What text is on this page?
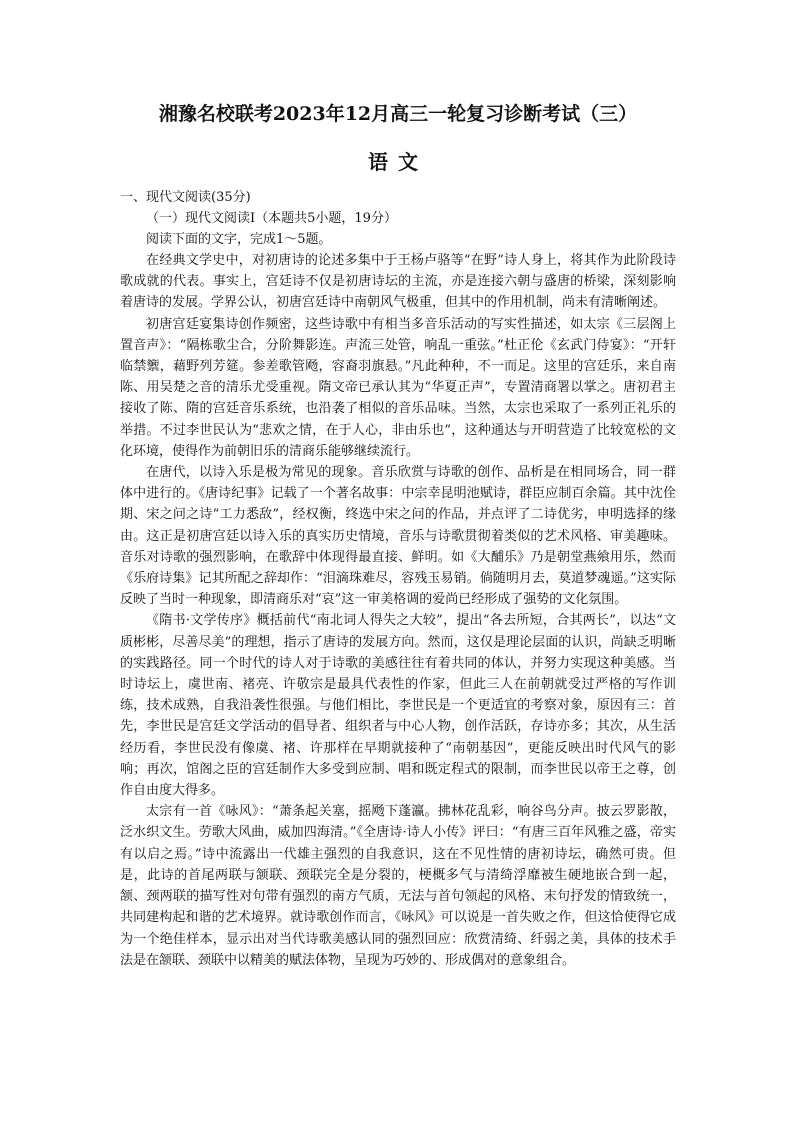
湘豫名校联考2023年12月高三一轮复习诊断考试（三）
语文

一、现代文阅读(35分)

（一）现代文阅读Ⅰ（本题共5小题，19分）

阅读下面的文字，完成1～5题。

在经典文学史中，对初唐诗的论述多集中于王杨卢骆等“在野”诗人身上，将其作为此阶段诗歌成就的代表。事实上，宫廷诗不仅是初唐诗坛的主流，亦是连接六朝与盛唐的桥梁，深刻影响着唐诗的发展。学界公认，初唐宫廷诗中南朝风气极重，但其中的作用机制，尚未有清晰阐述。

初唐宫廷宴集诗创作频密，这些诗歌中有相当多音乐活动的写实性描述，如太宗《三层阁上置音声》：“隔栋歌尘合，分阶舞影连。声流三处管，响乱一重弦。”杜正伦《玄武门侍宴》：“开轩临禁籞，藉野列芳筵。参差歌管飏，容裔羽旗悬。”凡此种种，不一而足。这里的宫廷乐，来自南陈、用吴楚之音的清乐尤受重视。隋文帝已承认其为“华夏正声”，专置清商署以掌之。唐初君主接收了陈、隋的宫廷音乐系统，也沿袭了相似的音乐品味。当然，太宗也采取了一系列正礼乐的举措。不过李世民认为“悲欢之情，在于人心，非由乐也”，这种通达与开明营造了比较宽松的文化环境，使得作为前朝旧乐的清商乐能够继续流行。

在唐代，以诗入乐是极为常见的现象。音乐欣赏与诗歌的创作、品析是在相同场合，同一群体中进行的。《唐诗纪事》记载了一个著名故事：中宗幸昆明池赋诗，群臣应制百余篇。其中沈佺期、宋之问之诗“工力悉敌”，经权衡，终选中宋之问的作品，并点评了二诗优劣，申明选择的缘由。这正是初唐宫廷以诗入乐的真实历史情境，音乐与诗歌贯彻着类似的艺术风格、审美趣味。音乐对诗歌的强烈影响，在歌辞中体现得最直接、鲜明。如《大酺乐》乃是朝堂燕飨用乐，然而《乐府诗集》记其所配之辞却作：“泪滴珠难尽，容残玉易销。倘随明月去，莫道梦魂遥。”这实际反映了当时一种现象，即清商乐对“哀”这一审美格调的爱尚已经形成了强势的文化氛围。

《隋书·文学传序》概括前代“南北词人得失之大较”，提出“各去所短，合其两长”，以达“文质彬彬，尽善尽美”的理想，指示了唐诗的发展方向。然而，这仅是理论层面的认识，尚缺乏明晰的实践路径。同一个时代的诗人对于诗歌的美感往往有着共同的体认，并努力实现这种美感。当时诗坛上，虞世南、褚亮、许敬宗是最具代表性的作家，但此三人在前朝就受过严格的写作训练，技术成熟，自我沿袭性很强。与他们相比，李世民是一个更适宜的考察对象，原因有三：首先，李世民是宫廷文学活动的倡导者、组织者与中心人物，创作活跃，存诗亦多；其次，从生活经历看，李世民没有像虞、褚、许那样在早期就接种了“南朝基因”，更能反映出时代风气的影响；再次，馆阁之臣的宫廷制作大多受到应制、唱和既定程式的限制，而李世民以帝王之尊，创作自由度大得多。

太宗有一首《咏风》：“萧条起关塞，摇飏下蓬瀛。拂林花乱彩，响谷鸟分声。披云罗影散，泛水织文生。劳歌大风曲，威加四海清。”《全唐诗·诗人小传》评曰：“有唐三百年风雅之盛，帝实有以启之焉。”诗中流露出一代雄主强烈的自我意识，这在不见性情的唐初诗坛，确然可贵。但是，此诗的首尾两联与颔联、颈联完全是分裂的，梗概多气与清绮浮靡被生硬地嵌合到一起，颔、颈两联的描写性对句带有强烈的南方气质，无法与首句领起的风格、末句抒发的情致统一，共同建构起和谐的艺术境界。就诗歌创作而言，《咏风》可以说是一首失败之作，但这恰使得它成为一个绝佳样本，显示出对当代诗歌美感认同的强烈回应：欣赏清绮、纤弱之美，具体的技术手法是在颔联、颈联中以精美的赋法体物，呈现为巧妙的、形成偶对的意象组合。
